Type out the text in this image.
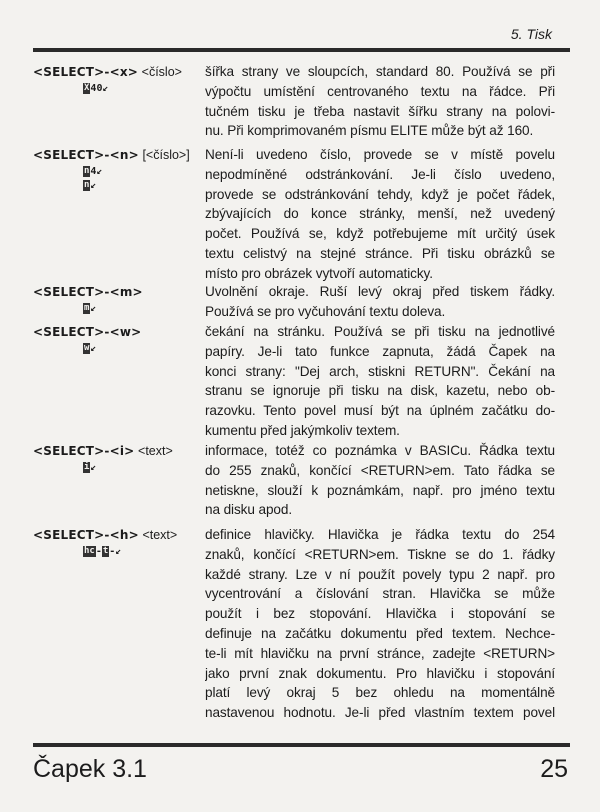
5. Tisk
<SELECT>-<x> <číslo>
X40↙
šířka strany ve sloupcích, standard 80. Používá se při
výpočtu umístění centrovaného textu na řádce. Při
tučném tisku je třeba nastavit šířku strany na polovi-
nu. Při komprimovaném písmu ELITE může být až 160.
<SELECT>-<n> [<číslo>]
n4↙
n↙
Není-li uvedeno číslo, provede se v místě povelu
nepodmíněné odstránkování. Je-li číslo uvedeno,
provede se odstránkování tehdy, když je počet řádek,
zbývajících do konce stránky, menší, než uvedený
počet. Používá se, když potřebujeme mít určitý úsek
textu celistvý na stejné stránce. Při tisku obrázků se
místo pro obrázek vytvoří automaticky.
<SELECT>-<m>
m↙
Uvolnění okraje. Ruší levý okraj před tiskem řádky.
Používá se pro vyčuhování textu doleva.
<SELECT>-<w>
w↙
čekání na stránku. Používá se při tisku na jednotlivé
papíry. Je-li tato funkce zapnuta, žádá Čapek na
konci strany: "Dej arch, stiskni RETURN". Čekání na
stranu se ignoruje při tisku na disk, kazetu, nebo ob-
razovku. Tento povel musí být na úplném začátku do-
kumentu před jakýmkoliv textem.
<SELECT>-<i> <text>
i↙
informace, totéž co poznámka v BASICu. Řádka textu
do 255 znaků, končící <RETURN>em. Tato řádka se
netiskne, slouží k poznámkám, např. pro jméno textu
na disku apod.
<SELECT>-<h> <text>
hc-t-↙
definice hlavičky. Hlavička je řádka textu do 254
znaků, končící <RETURN>em. Tiskne se do 1. řádky
každé strany. Lze v ní použít povely typu 2 např. pro
vycentrování a číslování stran. Hlavička se může
použít i bez stopování. Hlavička i stopování se
definuje na začátku dokumentu před textem. Nechce-
te-li mít hlavičku na první stránce, zadejte <RETURN>
jako první znak dokumentu. Pro hlavičku i stopování
platí levý okraj 5 bez ohledu na momentálně
nastavenou hodnotu. Je-li před vlastním textem povel
Čapek 3.1	25
